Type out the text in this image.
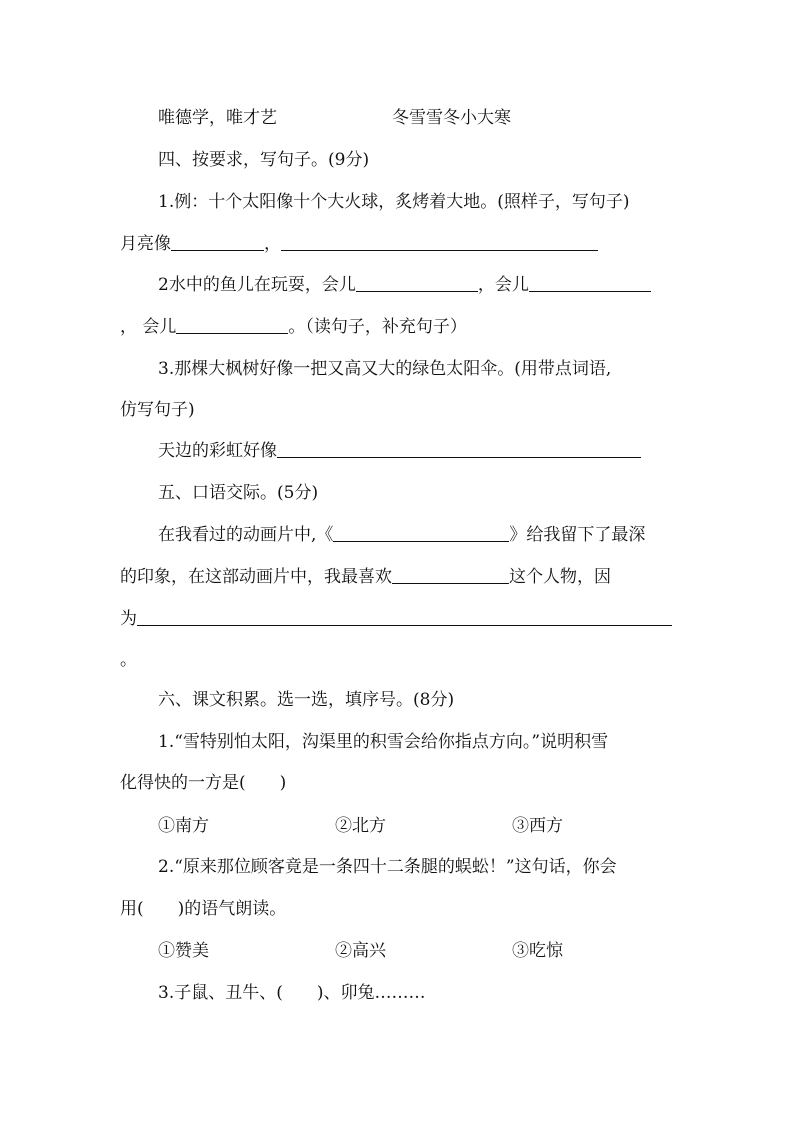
唯德学，唯才艺	冬雪雪冬小大寒
四、按要求，写句子。(9分)
1.例：十个太阳像十个大火球，炙烤着大地。(照样子，写句子)
月亮像	，
2水中的鱼儿在玩耍，会儿	，会儿
， 会儿	。（读句子，补充句子）
3.那棵大枫树好像一把又高又大的绿色太阳伞。(用带点词语,
仿写句子)
天边的彩虹好像
五、口语交际。(5分)
在我看过的动画片中,《	》给我留下了最深
的印象，在这部动画片中，我最喜欢	这个人物，因
为
。
六、课文积累。选一选，填序号。(8分)
1.“雪特别怕太阳，沟渠里的积雪会给你指点方向。”说明积雪
化得快的一方是(　　)
①南方	②北方	③西方
2.“原来那位顾客竟是一条四十二条腿的蜈蚣！”这句话，你会
用(　　)的语气朗读。
①赞美	②高兴	③吃惊
3.子鼠、丑牛、(　　)、卯兔………
